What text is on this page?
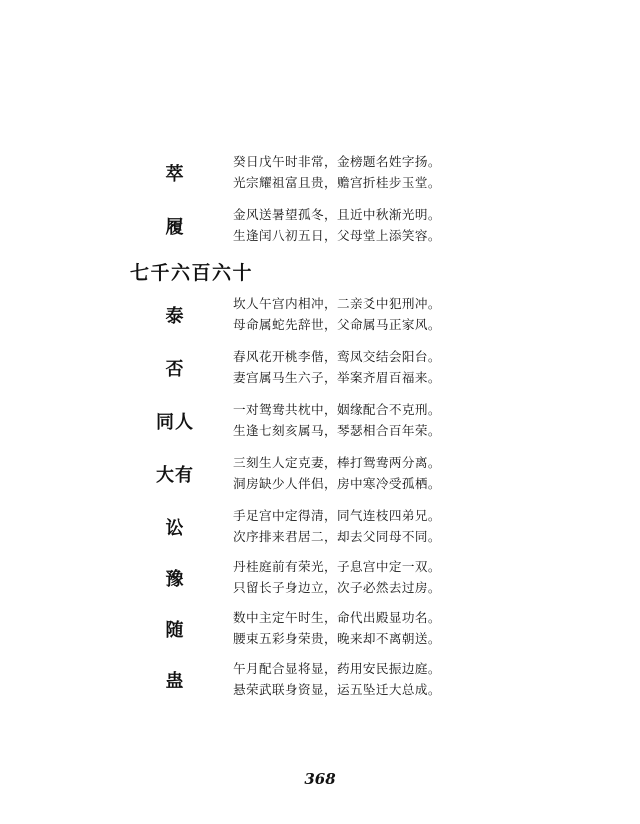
萃
癸日戊午时非常，金榜题名姓字扬。
光宗耀祖富且贵，赡宫折桂步玉堂。
履
金风送暑望孤冬，且近中秋渐光明。
生逢闰八初五日，父母堂上添笑容。
七千六百六十
泰
坎人午宫内相冲，二亲爻中犯刑冲。
母命属蛇先辞世，父命属马正家风。
否
春风花开桃李偕，鸾凤交结会阳台。
妻宫属马生六子，举案齐眉百福来。
同人
一对鸳鸯共枕中，姻缘配合不克刑。
生逢七刻亥属马，琴瑟相合百年荣。
大有
三刻生人定克妻，棒打鸳鸯两分离。
洞房缺少人伴侣，房中寒冷受孤栖。
讼
手足宫中定得清，同气连枝四弟兄。
次序排来君居二，却去父同母不同。
豫
丹桂庭前有荣光，子息宫中定一双。
只留长子身边立，次子必然去过房。
随
数中主定午时生，命代出殿显功名。
腰束五彩身荣贵，晚来却不离朝送。
蛊
午月配合显将显，药用安民振边庭。
悬荣武联身资显，运五坠迁大总成。
368
